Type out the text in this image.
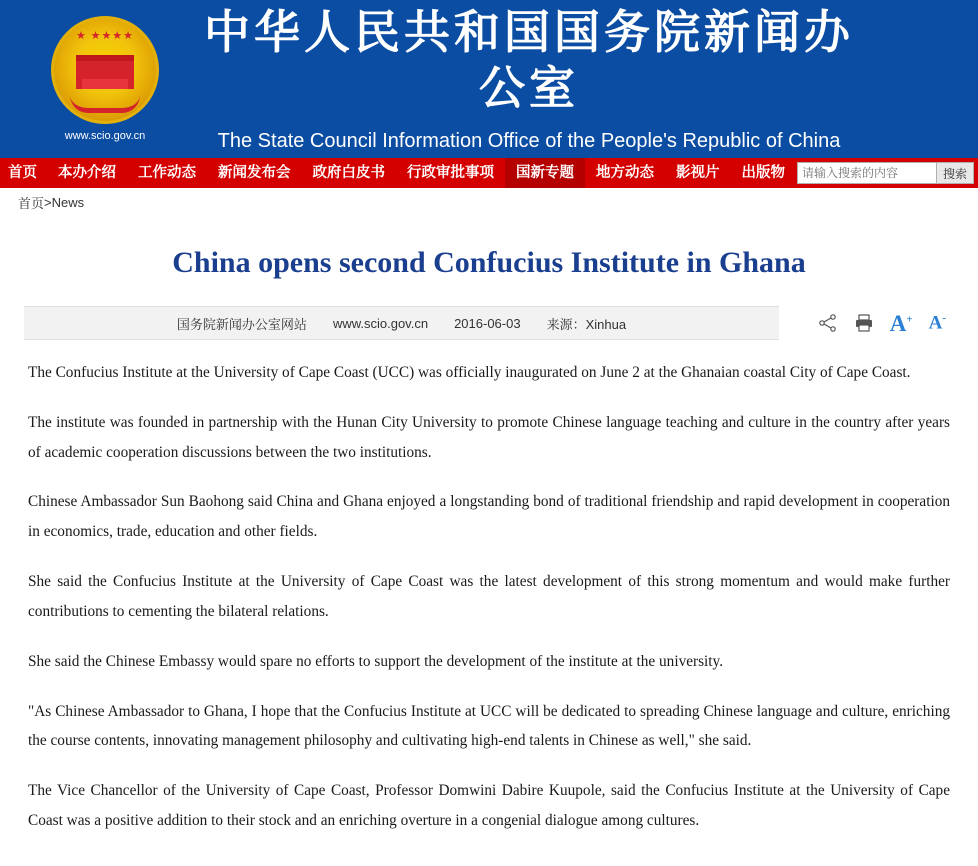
★ ★★★★
www.scio.gov.cn
中华人民共和国国务院新闻办公室
The State Council Information Office of the People's Republic of China
首页	本办介绍	工作动态	新闻发布会	政府白皮书	行政审批事项	国新专题	地方动态	影视片	出版物
请输入搜索的内容	搜索
首页 > News
China opens second Confucius Institute in Ghana
国务院新闻办公室网站 www.scio.gov.cn 2016-06-03 来源：Xinhua	A+ A-

The Confucius Institute at the University of Cape Coast (UCC) was officially inaugurated on June 2 at the Ghanaian coastal City of Cape Coast.

The institute was founded in partnership with the Hunan City University to promote Chinese language teaching and culture in the country after years of academic cooperation discussions between the two institutions.

Chinese Ambassador Sun Baohong said China and Ghana enjoyed a longstanding bond of traditional friendship and rapid development in cooperation in economics, trade, education and other fields.

She said the Confucius Institute at the University of Cape Coast was the latest development of this strong momentum and would make further contributions to cementing the bilateral relations.

She said the Chinese Embassy would spare no efforts to support the development of the institute at the university.

"As Chinese Ambassador to Ghana, I hope that the Confucius Institute at UCC will be dedicated to spreading Chinese language and culture, enriching the course contents, innovating management philosophy and cultivating high-end talents in Chinese as well," she said.

The Vice Chancellor of the University of Cape Coast, Professor Domwini Dabire Kuupole, said the Confucius Institute at the University of Cape Coast was a positive addition to their stock and an enriching overture in a congenial dialogue among cultures.
